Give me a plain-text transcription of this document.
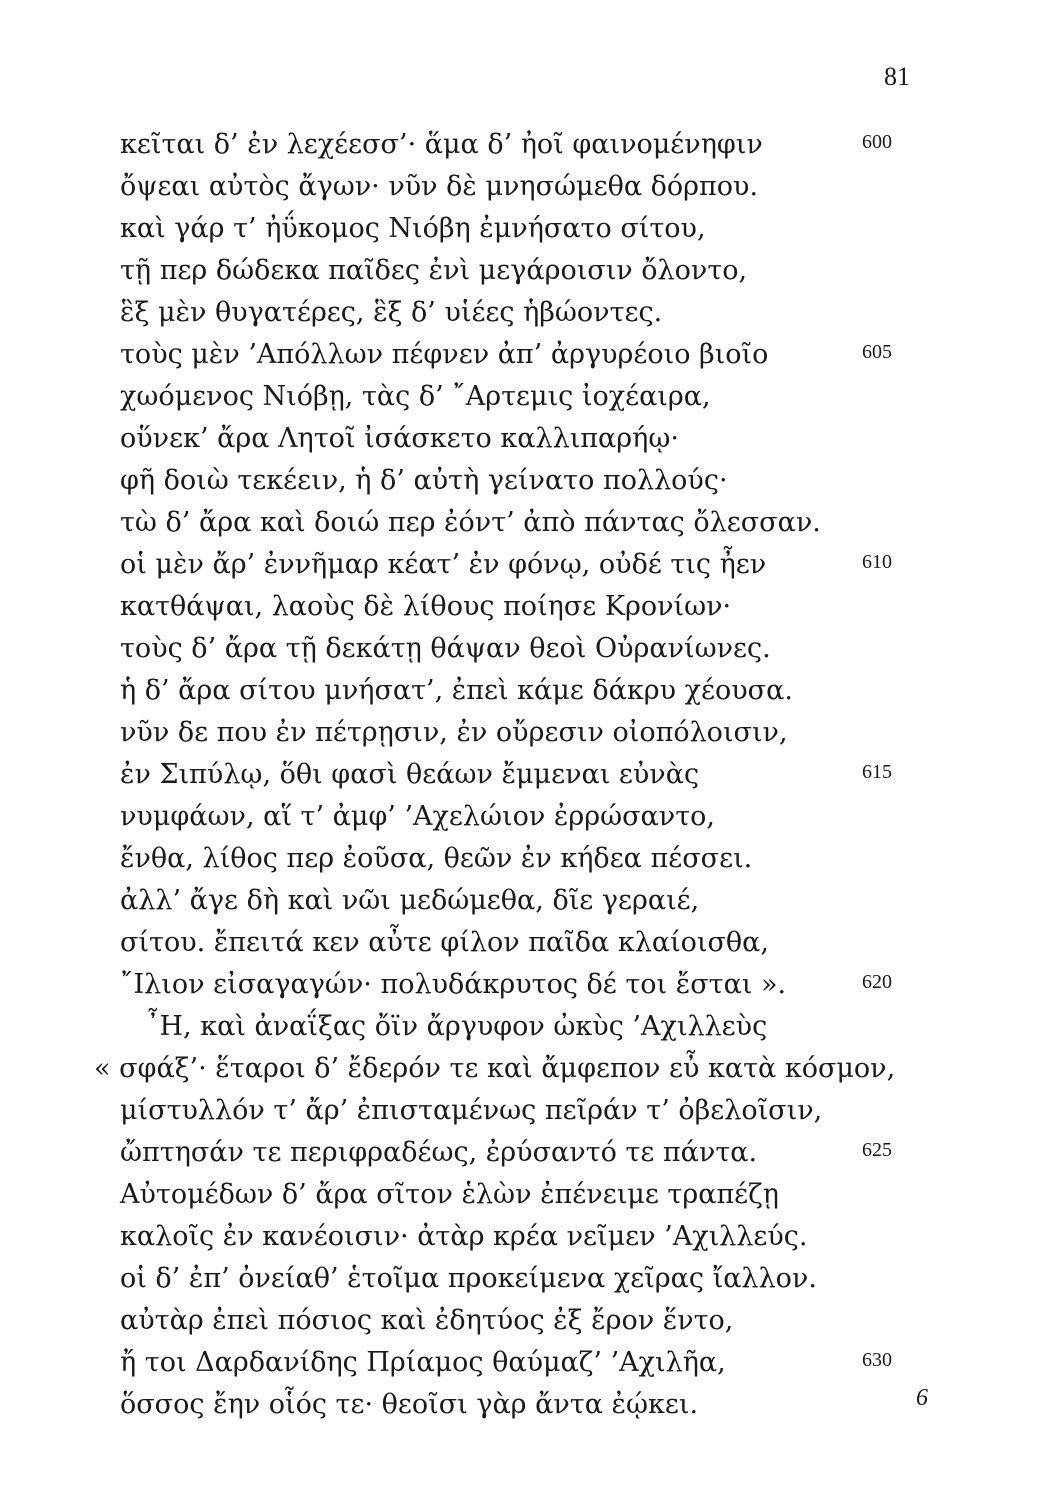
81
κεῖται δ’ ἐν λεχέεσσ’· ἅμα δ’ ἠοῖ φαινομένηφιν	600
ὄψεαι αὐτὸς ἄγων· νῦν δὲ μνησώμεθα δόρπου.
καὶ γάρ τ’ ἠΰκομος Νιόβη ἐμνήσατο σίτου,
τῇ περ δώδεκα παῖδες ἐνὶ μεγάροισιν ὄλοντο,
ἓξ μὲν θυγατέρες, ἓξ δ’ υἱέες ἡβώοντες.
τοὺς μὲν ’Απόλλων πέφνεν ἀπ’ ἀργυρέοιο βιοῖο	605
χωόμενος Νιόβῃ, τὰς δ’ ῎Αρτεμις ἰοχέαιρα,
οὕνεκ’ ἄρα Λητοῖ ἰσάσκετο καλλιπαρήῳ·
φῆ δοιὼ τεκέειν, ἡ δ’ αὐτὴ γείνατο πολλούς·
τὼ δ’ ἄρα καὶ δοιώ περ ἐόντ’ ἀπὸ πάντας ὄλεσσαν.
οἱ μὲν ἄρ’ ἐννῆμαρ κέατ’ ἐν φόνῳ, οὐδέ τις ἦεν	610
κατθάψαι, λαοὺς δὲ λίθους ποίησε Κρονίων·
τοὺς δ’ ἄρα τῇ δεκάτῃ θάψαν θεοὶ Οὐρανίωνες.
ἡ δ’ ἄρα σίτου μνήσατ’, ἐπεὶ κάμε δάκρυ χέουσα.
νῦν δε που ἐν πέτρῃσιν, ἐν οὔρεσιν οἰοπόλοισιν,
ἐν Σιπύλῳ, ὅθι φασὶ θεάων ἔμμεναι εὐνὰς	615
νυμφάων, αἵ τ’ ἀμφ’ ’Αχελώιον ἐρρώσαντο,
ἔνθα, λίθος περ ἐοῦσα, θεῶν ἐν κήδεα πέσσει.
ἀλλ’ ἄγε δὴ καὶ νῶι μεδώμεθα, δῖε γεραιέ,
σίτου. ἔπειτά κεν αὖτε φίλον παῖδα κλαίοισθα,
῎Ιλιον εἰσαγαγών· πολυδάκρυτος δέ τοι ἔσται ».	620
῏Η, καὶ ἀναΐξας ὄϊν ἄργυφον ὠκὺς ’Αχιλλεὺς
« σφάξ’· ἕταροι δ’ ἔδερόν τε καὶ ἄμφεπον εὖ κατὰ κόσμον,
μίστυλλόν τ’ ἄρ’ ἐπισταμένως πεῖράν τ’ ὀβελοῖσιν,
ὤπτησάν τε περιφραδέως, ἐρύσαντό τε πάντα.	625
Αὐτομέδων δ’ ἄρα σῖτον ἑλὼν ἐπένειμε τραπέζῃ
καλοῖς ἐν κανέοισιν· ἀτὰρ κρέα νεῖμεν ’Αχιλλεύς.
οἱ δ’ ἐπ’ ὀνείαθ’ ἑτοῖμα προκείμενα χεῖρας ἴαλλον.
αὐτὰρ ἐπεὶ πόσιος καὶ ἐδητύος ἐξ ἔρον ἕντο,
ἤ τοι Δαρδανίδης Πρίαμος θαύμαζ’ ’Αχιλῆα,	630
ὅσσος ἔην οἷός τε· θεοῖσι γὰρ ἄντα ἐῴκει.	6
